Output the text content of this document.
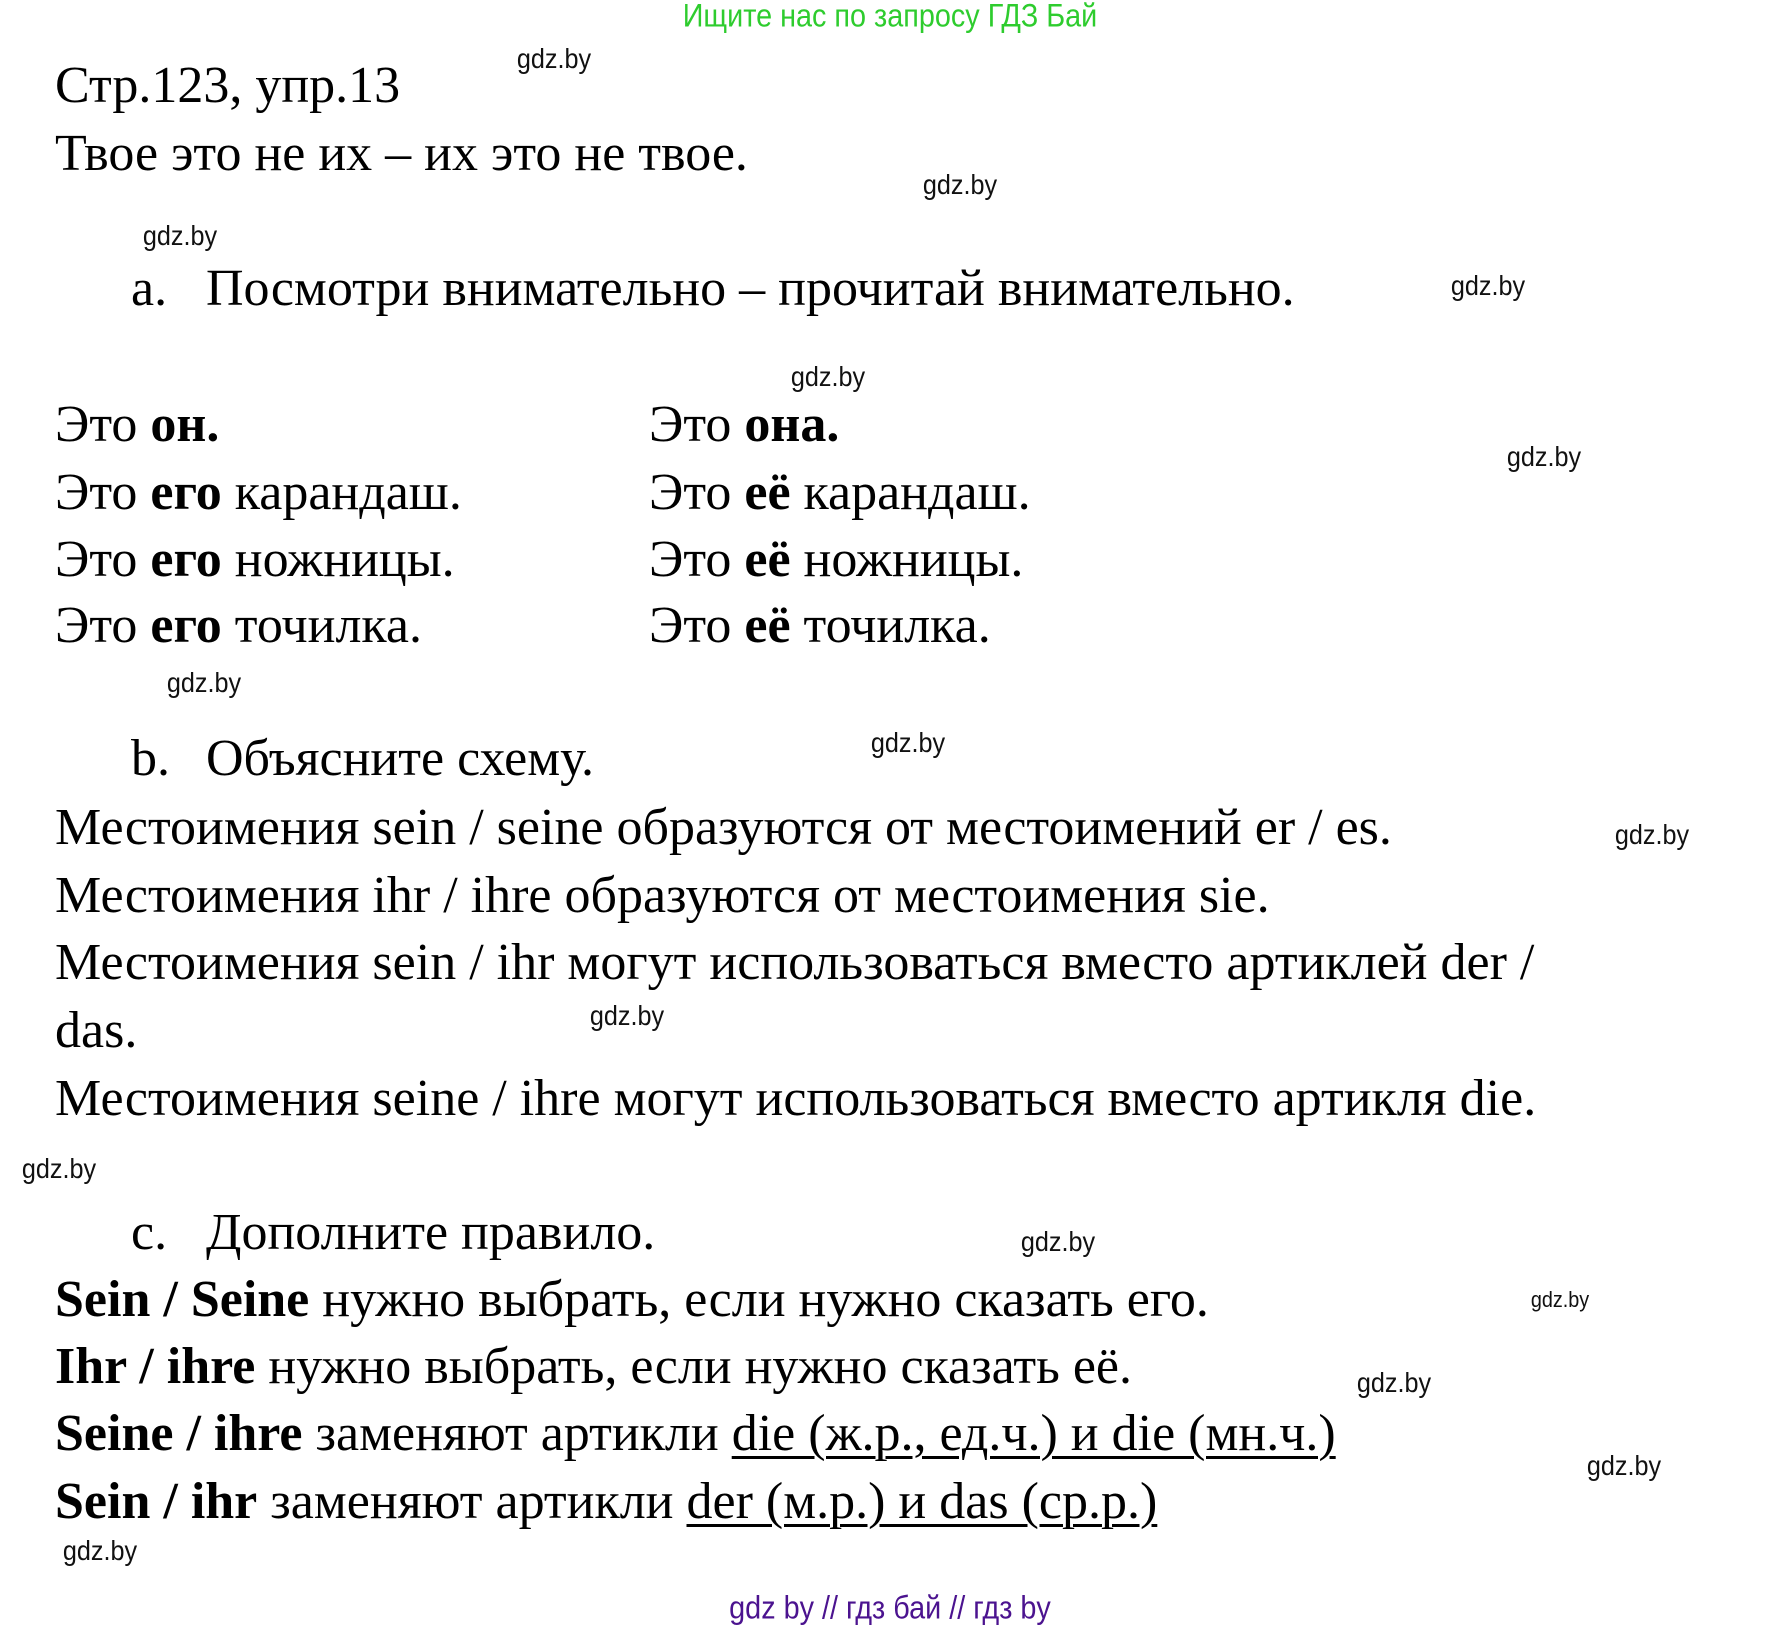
Ищите нас по запросу ГДЗ Бай
Стр.123, упр.13
Твое это не их – их это не твое.
a. Посмотри внимательно – прочитай внимательно.
Это он.
Это его карандаш.
Это его ножницы.
Это его точилка.
Это она.
Это её карандаш.
Это её ножницы.
Это её точилка.
b. Объясните схему.
Местоимения sein / seine образуются от местоимений er / es.
Местоимения ihr / ihre образуются от местоимения sie.
Местоимения sein / ihr могут использоваться вместо артиклей der /
das.
Местоимения seine / ihre могут использоваться вместо артикля die.
c. Дополните правило.
Sein / Seine нужно выбрать, если нужно сказать его.
Ihr / ihre нужно выбрать, если нужно сказать её.
Seine / ihre заменяют артикли die (ж.р., ед.ч.) и die (мн.ч.)
Sein / ihr заменяют артикли der (м.р.) и das (ср.р.)
gdz.by
gdz.by
gdz.by
gdz.by
gdz.by
gdz.by
gdz.by
gdz.by
gdz.by
gdz.by
gdz.by
gdz.by
gdz.by
gdz.by
gdz.by
gdz.by
gdz by // гдз бай // гдз by
